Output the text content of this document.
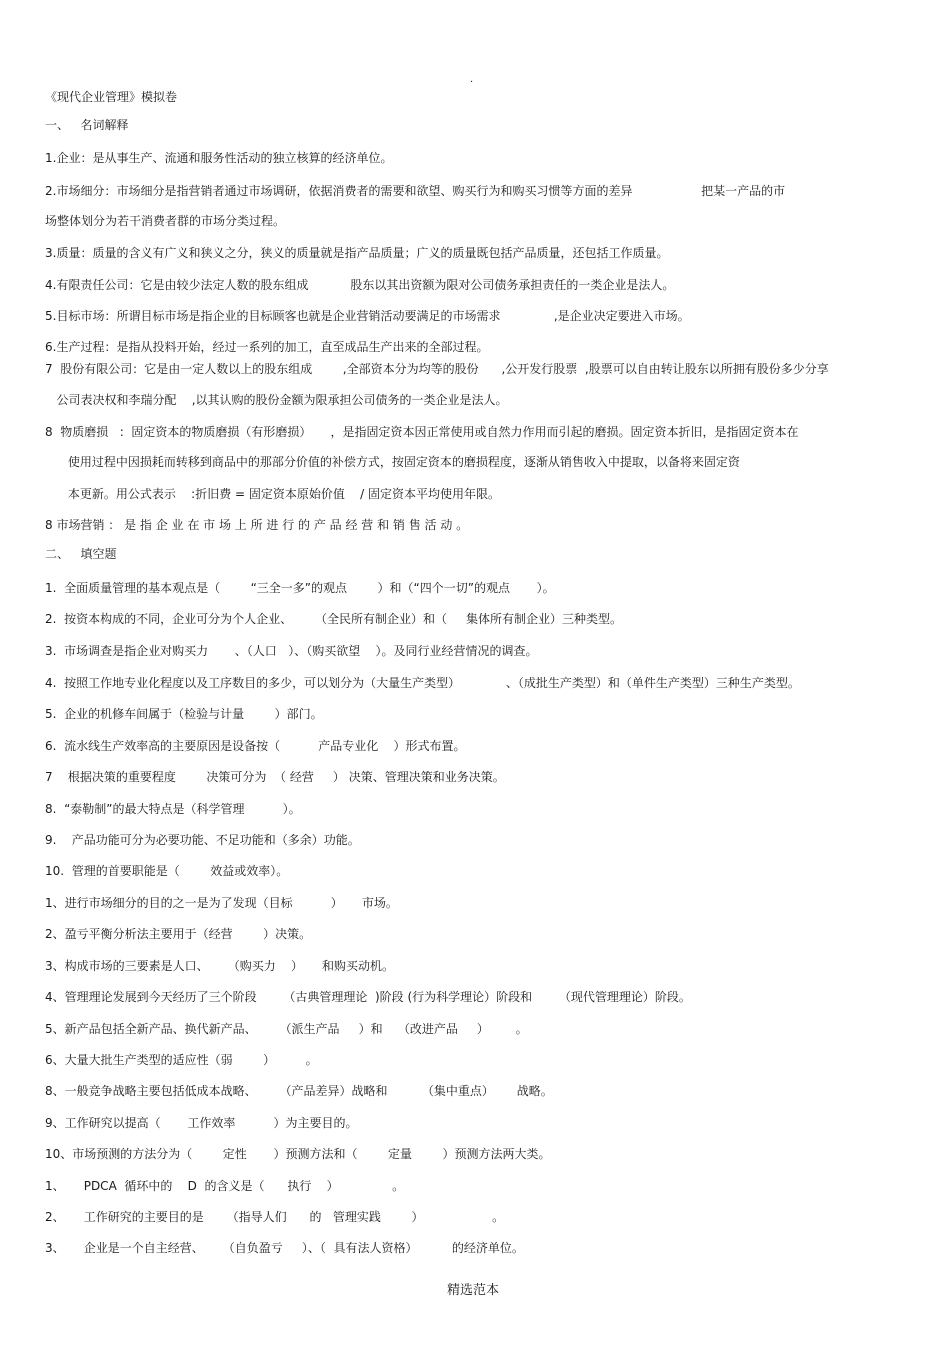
.
《现代企业管理》模拟卷
一、   名词解释
1.企业：是从事生产、流通和服务性活动的独立核算的经济单位。
2.市场细分：市场细分是指营销者通过市场调研，依据消费者的需要和欲望、购买行为和购买习惯等方面的差异                  把某一产品的市
场整体划分为若干消费者群的市场分类过程。
3.质量：质量的含义有广义和狭义之分，狭义的质量就是指产品质量；广义的质量既包括产品质量，还包括工作质量。
4.有限责任公司：它是由较少法定人数的股东组成           股东以其出资额为限对公司债务承担责任的一类企业是法人。
5.目标市场：所谓目标市场是指企业的目标顾客也就是企业营销活动要满足的市场需求              ,是企业决定要进入市场。
6.生产过程：是指从投料开始，经过一系列的加工，直至成品生产出来的全部过程。
7  股份有限公司：它是由一定人数以上的股东组成        ,全部资本分为均等的股份      ,公开发行股票  ,股票可以自由转让股东以所拥有股份多少分享
公司表决权和李瑞分配    ,以其认购的股份金额为限承担公司债务的一类企业是法人。
8  物质磨损   :  固定资本的物质磨损（有形磨损）     ，是指固定资本因正常使用或自然力作用而引起的磨损。固定资本折旧，是指固定资本在
使用过程中因损耗而转移到商品中的那部分价值的补偿方式，按固定资本的磨损程度，逐渐从销售收入中提取，以备将来固定资
本更新。用公式表示    :折旧费 = 固定资本原始价值    / 固定资本平均使用年限。
8 市场营销 ： 是 指 企 业 在 市 场 上 所 进 行 的 产 品 经 营 和 销 售 活 动 。
二、   填空题
1.  全面质量管理的基本观点是（        “三全一多”的观点        ）和（“四个一切”的观点       ）。
2.  按资本构成的不同，企业可分为个人企业、      （全民所有制企业）和（     集体所有制企业）三种类型。
3.  市场调查是指企业对购买力       、（人口   ）、（购买欲望    ）。及同行业经营情况的调查。
4.  按照工作地专业化程度以及工序数目的多少，可以划分为（大量生产类型）            、（成批生产类型）和（单件生产类型）三种生产类型。
5.  企业的机修车间属于（检验与计量        ）部门。
6.  流水线生产效率高的主要原因是设备按（          产品专业化    ）形式布置。
7    根据决策的重要程度        决策可分为  （ 经营     ） 决策、管理决策和业务决策。
8.  “泰勒制”的最大特点是（科学管理          ）。
9.    产品功能可分为必要功能、不足功能和（多余）功能。
10.  管理的首要职能是（        效益或效率）。
1、进行市场细分的目的之一是为了发现（目标          ）     市场。
2、盈亏平衡分析法主要用于（经营        ）决策。
3、构成市场的三要素是人口、     （购买力    ）     和购买动机。
4、管理理论发展到今天经历了三个阶段       （古典管理理论  )阶段 (行为科学理论）阶段和       （现代管理理论）阶段。
5、新产品包括全新产品、换代新产品、      （派生产品     ）和    （改进产品     ）       。
6、大量大批生产类型的适应性（弱        ）        。
8、一般竞争战略主要包括低成本战略、      （产品差异）战略和         （集中重点）      战略。
9、工作研究以提高（       工作效率          ）为主要目的。
10、市场预测的方法分为（        定性       ）预测方法和（        定量        ）预测方法两大类。
1、     PDCA  循环中的    D  的含义是（      执行    ）              。
2、     工作研究的主要目的是      （指导人们      的   管理实践        ）                  。
3、     企业是一个自主经营、     （自负盈亏     ）、（  具有法人资格）         的经济单位。
精选范本
